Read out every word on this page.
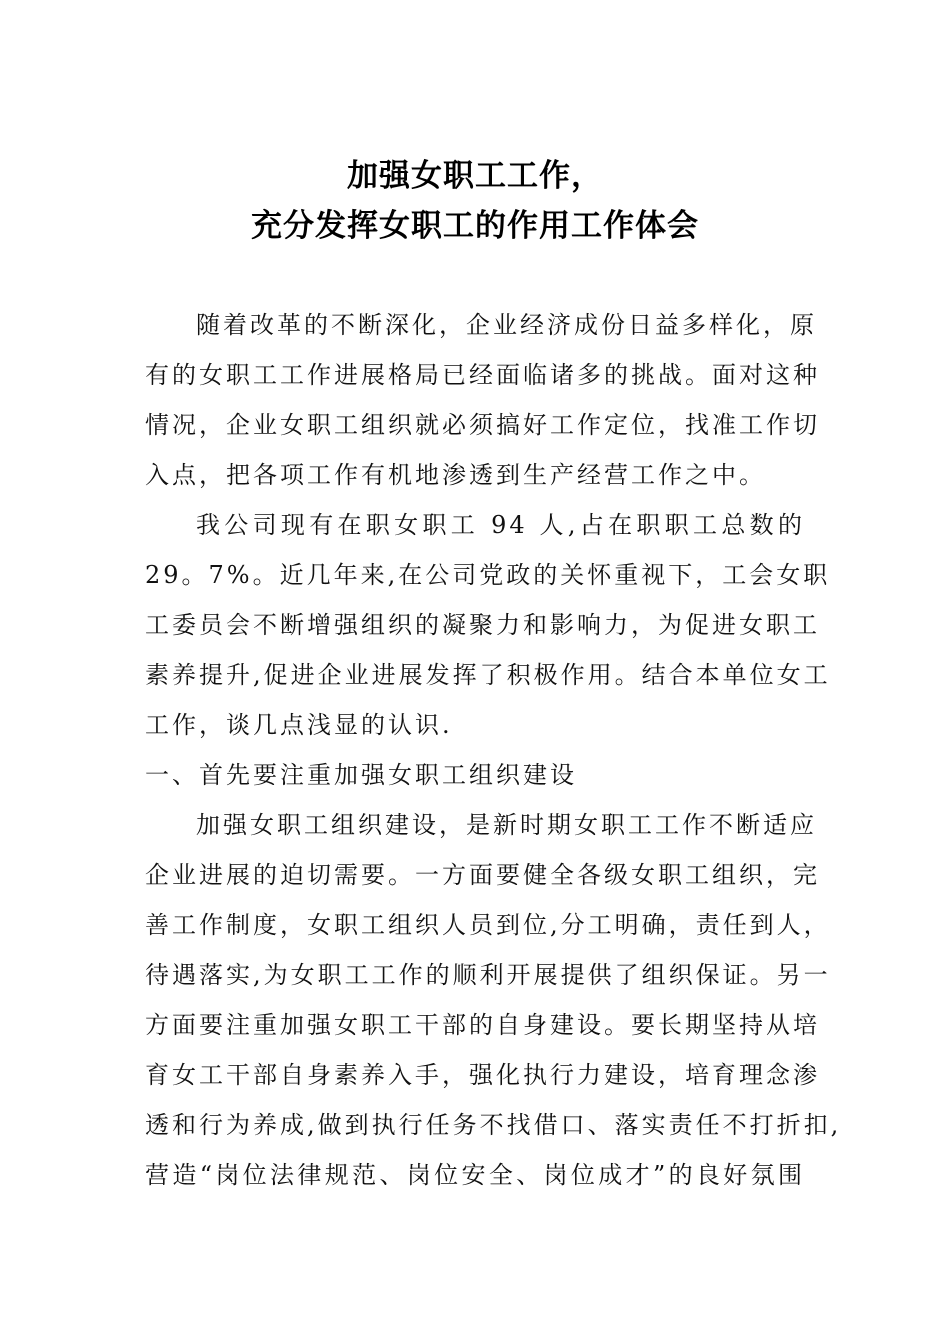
加强女职工工作，
充分发挥女职工的作用工作体会
随着改革的不断深化，企业经济成份日益多样化，原
有的女职工工作进展格局已经面临诸多的挑战。面对这种
情况，企业女职工组织就必须搞好工作定位，找准工作切
入点，把各项工作有机地渗透到生产经营工作之中。
我公司现有在职女职工 94 人,占在职职工总数的
29。7%。近几年来,在公司党政的关怀重视下，工会女职
工委员会不断增强组织的凝聚力和影响力，为促进女职工
素养提升,促进企业进展发挥了积极作用。结合本单位女工
工作，谈几点浅显的认识.
一、首先要注重加强女职工组织建设
加强女职工组织建设，是新时期女职工工作不断适应
企业进展的迫切需要。一方面要健全各级女职工组织，完
善工作制度，女职工组织人员到位,分工明确，责任到人，
待遇落实,为女职工工作的顺利开展提供了组织保证。另一
方面要注重加强女职工干部的自身建设。要长期坚持从培
育女工干部自身素养入手，强化执行力建设，培育理念渗
透和行为养成,做到执行任务不找借口、落实责任不打折扣,
营造“岗位法律规范、岗位安全、岗位成才”的良好氛围
